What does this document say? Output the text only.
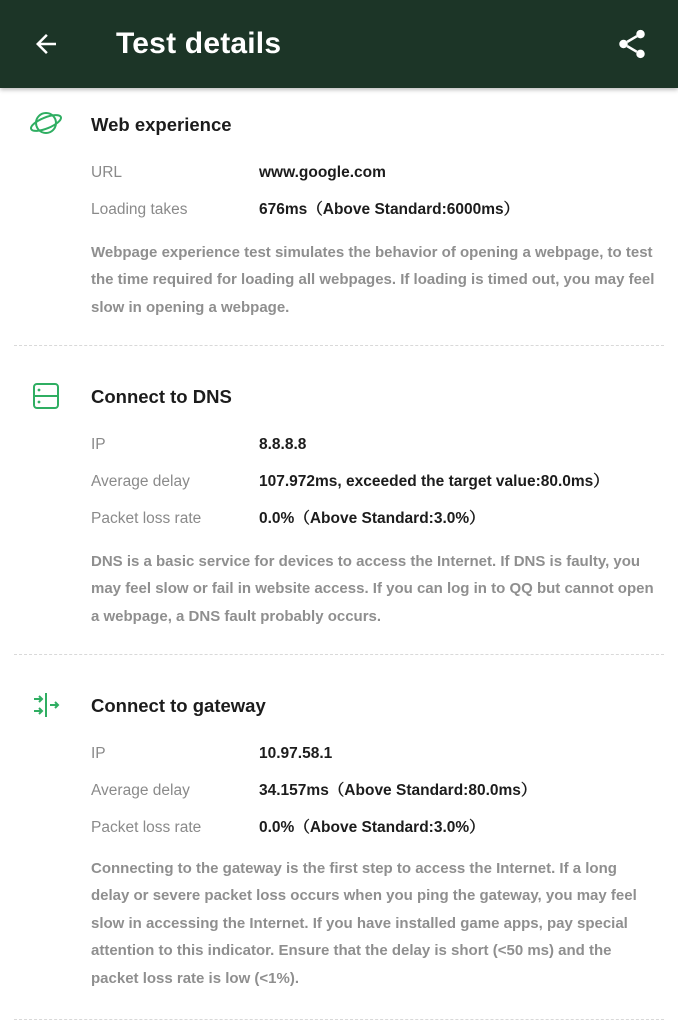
Test details
Web experience
URL	www.google.com
Loading takes	676ms（Above Standard:6000ms）
Webpage experience test simulates the behavior of opening a webpage, to test the time required for loading all webpages. If loading is timed out, you may feel slow in opening a webpage.
Connect to DNS
IP	8.8.8.8
Average delay	107.972ms, exceeded the target value:80.0ms）
Packet loss rate	0.0%（Above Standard:3.0%）
DNS is a basic service for devices to access the Internet. If DNS is faulty, you may feel slow or fail in website access. If you can log in to QQ but cannot open a webpage, a DNS fault probably occurs.
Connect to gateway
IP	10.97.58.1
Average delay	34.157ms（Above Standard:80.0ms）
Packet loss rate	0.0%（Above Standard:3.0%）
Connecting to the gateway is the first step to access the Internet. If a long delay or severe packet loss occurs when you ping the gateway, you may feel slow in accessing the Internet. If you have installed game apps, pay special attention to this indicator. Ensure that the delay is short (<50 ms) and the packet loss rate is low (<1%).
